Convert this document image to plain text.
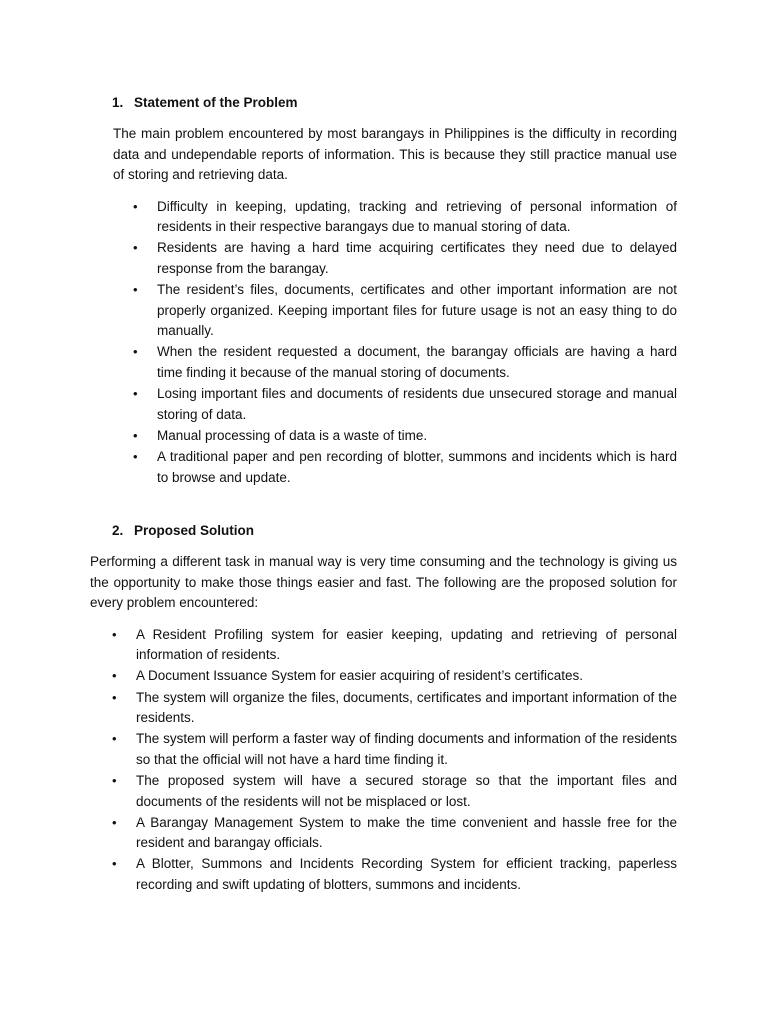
1. Statement of the Problem

The main problem encountered by most barangays in Philippines is the difficulty in recording data and undependable reports of information. This is because they still practice manual use of storing and retrieving data.

• Difficulty in keeping, updating, tracking and retrieving of personal information of residents in their respective barangays due to manual storing of data.
• Residents are having a hard time acquiring certificates they need due to delayed response from the barangay.
• The resident’s files, documents, certificates and other important information are not properly organized. Keeping important files for future usage is not an easy thing to do manually.
• When the resident requested a document, the barangay officials are having a hard time finding it because of the manual storing of documents.
• Losing important files and documents of residents due unsecured storage and manual storing of data.
• Manual processing of data is a waste of time.
• A traditional paper and pen recording of blotter, summons and incidents which is hard to browse and update.
2. Proposed Solution

Performing a different task in manual way is very time consuming and the technology is giving us the opportunity to make those things easier and fast. The following are the proposed solution for every problem encountered:

• A Resident Profiling system for easier keeping, updating and retrieving of personal information of residents.
• A Document Issuance System for easier acquiring of resident’s certificates.
• The system will organize the files, documents, certificates and important information of the residents.
• The system will perform a faster way of finding documents and information of the residents so that the official will not have a hard time finding it.
• The proposed system will have a secured storage so that the important files and documents of the residents will not be misplaced or lost.
• A Barangay Management System to make the time convenient and hassle free for the resident and barangay officials.
• A Blotter, Summons and Incidents Recording System for efficient tracking, paperless recording and swift updating of blotters, summons and incidents.
